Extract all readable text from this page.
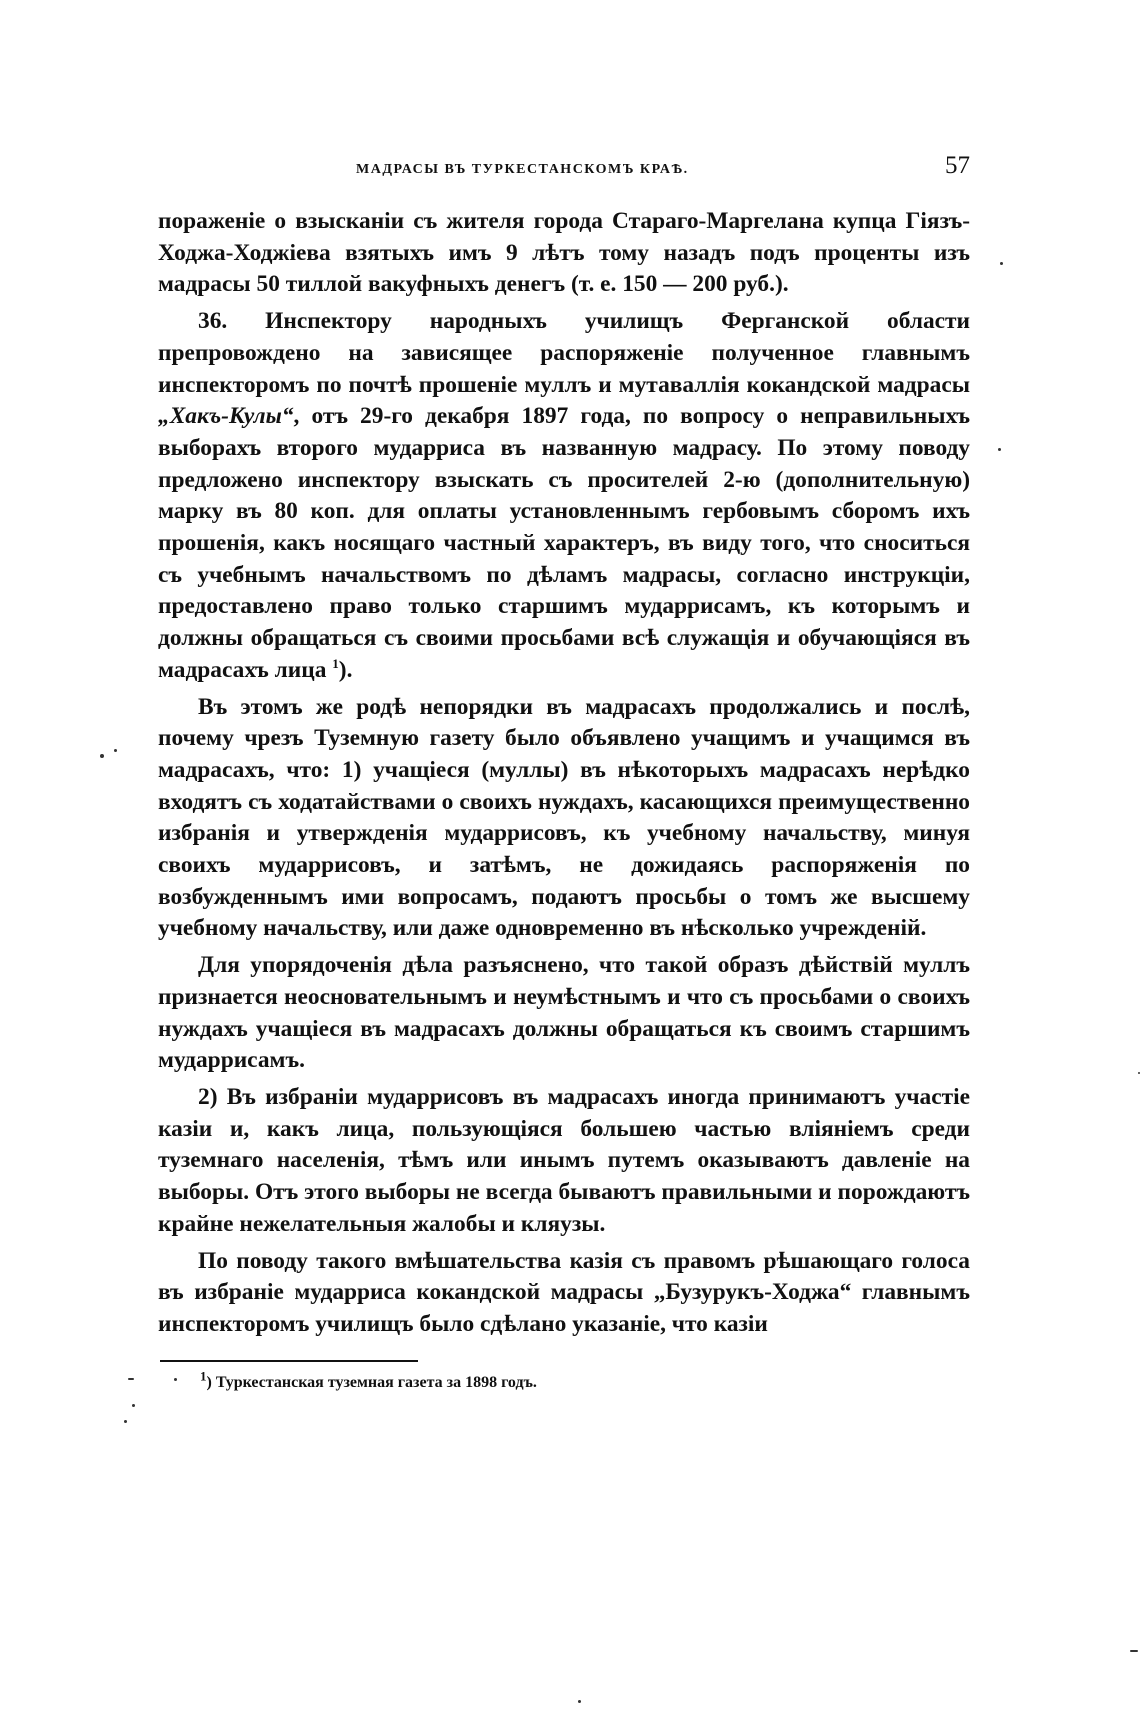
МАДРАСЫ ВЪ ТУРКЕСТАНСКОМЪ КРАѢ.	57

пораженіе о взысканіи съ жителя города Стараго-Маргелана купца Гіязъ-Ходжа-Ходжіева взятыхъ имъ 9 лѣтъ тому назадъ подъ проценты изъ мадрасы 50 тиллой вакуфныхъ денегъ (т. е. 150 — 200 руб.).

36. Инспектору народныхъ училищъ Ферганской области препровождено на зависящее распоряженіе полученное главнымъ инспекторомъ по почтѣ прошеніе муллъ и мутаваллія кокандской мадрасы „Хакъ-Кулы“, отъ 29-го декабря 1897 года, по вопросу о неправильныхъ выборахъ второго мударриса въ названную мадрасу. По этому поводу предложено инспектору взыскать съ просителей 2-ю (дополнительную) марку въ 80 коп. для оплаты установленнымъ гербовымъ сборомъ ихъ прошенія, какъ носящаго частный характеръ, въ виду того, что сноситься съ учебнымъ начальствомъ по дѣламъ мадрасы, согласно инструкціи, предоставлено право только старшимъ мударрисамъ, къ которымъ и должны обращаться съ своими просьбами всѣ служащія и обучающіяся въ мадрасахъ лица $^1$).

Въ этомъ же родѣ непорядки въ мадрасахъ продолжались и послѣ, почему чрезъ Туземную газету было объявлено учащимъ и учащимся въ мадрасахъ, что: 1) учащіеся (муллы) въ нѣкоторыхъ мадрасахъ нерѣдко входятъ съ ходатайствами о своихъ нуждахъ, касающихся преимущественно избранія и утвержденія мударрисовъ, къ учебному начальству, минуя своихъ мударрисовъ, и затѣмъ, не дожидаясь распоряженія по возбужденнымъ ими вопросамъ, подаютъ просьбы о томъ же высшему учебному начальству, или даже одновременно въ нѣсколько учрежденій.

Для упорядоченія дѣла разъяснено, что такой образъ дѣйствій муллъ признается неосновательнымъ и неумѣстнымъ и что съ просьбами о своихъ нуждахъ учащіеся въ мадрасахъ должны обращаться къ своимъ старшимъ мударрисамъ.

2) Въ избраніи мударрисовъ въ мадрасахъ иногда принимаютъ участіе казіи и, какъ лица, пользующіяся большею частью вліяніемъ среди туземнаго населенія, тѣмъ или инымъ путемъ оказываютъ давленіе на выборы. Отъ этого выборы не всегда бываютъ правильными и порождаютъ крайне нежелательныя жалобы и кляузы.

По поводу такого вмѣшательства казія съ правомъ рѣшающаго голоса въ избраніе мударриса кокандской мадрасы „Бузурукъ-Ходжа“ главнымъ инспекторомъ училищъ было сдѣлано указаніе, что казіи

$^1$) Туркестанская туземная газета за 1898 годъ.
